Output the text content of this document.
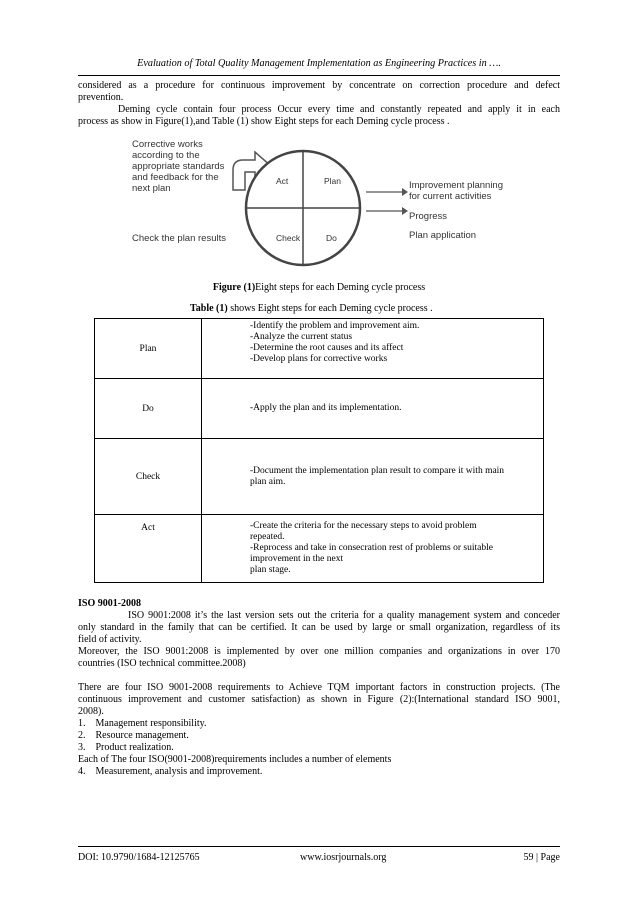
Evaluation of Total Quality Management Implementation as Engineering Practices in ….
considered as a procedure for continuous improvement by concentrate on correction procedure and defect
prevention.
Deming cycle contain four process Occur every time and constantly repeated and apply it in each
process as show in Figure(1),and Table (1) show Eight steps for each Deming cycle process .
Corrective works
according to the
appropriate standards
and feedback for the
next plan
Check the plan results
Act	Plan
Check	Do
Improvement planning
for current activities
Progress
Plan application
Figure (1)Eight steps for each Deming cycle process
Table (1) shows Eight steps for each Deming cycle process .
Plan	-Identify the problem and improvement aim.
-Analyze the current status
-Determine the root causes and its affect
-Develop plans for corrective works

Do	-Apply the plan and its implementation.

Check	-Document the implementation plan result to compare it with main
plan aim.

Act	-Create the criteria for the necessary steps to avoid problem
repeated.
-Reprocess and take in consecration rest of problems or suitable
improvement in the next
plan stage.
ISO 9001-2008
ISO 9001:2008 it’s the last version sets out the criteria for a quality management system and conceder
only standard in the family that can be certified. It can be used by large or small organization, regardless of its
field of activity.
Moreover, the ISO 9001:2008 is implemented by over one million companies and organizations in over 170
countries (ISO technical committee.2008)
There are four ISO 9001-2008 requirements to Achieve TQM important factors in construction projects. (The
continuous improvement and customer satisfaction) as shown in Figure (2):(International standard ISO 9001,
2008).
1. Management responsibility.
2. Resource management.
3. Product realization.
Each of The four ISO(9001-2008)requirements includes a number of elements
4. Measurement, analysis and improvement.
DOI: 10.9790/1684-12125765	www.iosrjournals.org	59 | Page
